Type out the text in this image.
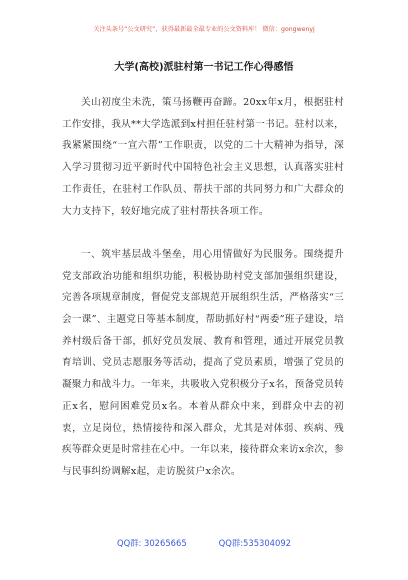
关注头条号“公文研究”，获得最新最全最专业的公文资料库！ 微信：gongwenyj
大学(高校)派驻村第一书记工作心得感悟

关山初度尘未洗，策马扬鞭再奋蹄。20xx年x月，根据驻村工作安排，我从**大学选派到x村担任驻村第一书记。驻村以来，我紧紧围绕“一宣六帮”工作职责，以党的二十大精神为指导，深入学习贯彻习近平新时代中国特色社会主义思想，认真落实驻村工作责任，在驻村工作队员、帮扶干部的共同努力和广大群众的大力支持下，较好地完成了驻村帮扶各项工作。

一、筑牢基层战斗堡垒，用心用情做好为民服务。围绕提升党支部政治功能和组织功能，积极协助村党支部加强组织建设，完善各项规章制度，督促党支部规范开展组织生活，严格落实“三会一课”、主题党日等基本制度，帮助抓好村“两委”班子建设，培养村级后备干部，抓好党员发展、教育和管理，通过开展党员教育培训、党员志愿服务等活动，提高了党员素质，增强了党员的凝聚力和战斗力。一年来，共吸收入党积极分子x名，预备党员转正x名，慰问困难党员x名。本着从群众中来，到群众中去的初衷，立足岗位，热情接待和深入群众，尤其是对体弱、疾病、残疾等群众更是时常挂在心中。一年以来，接待群众来访x余次，参与民事纠纷调解x起，走访脱贫户x余次。

QQ群: 30265665	QQ群:535304092
